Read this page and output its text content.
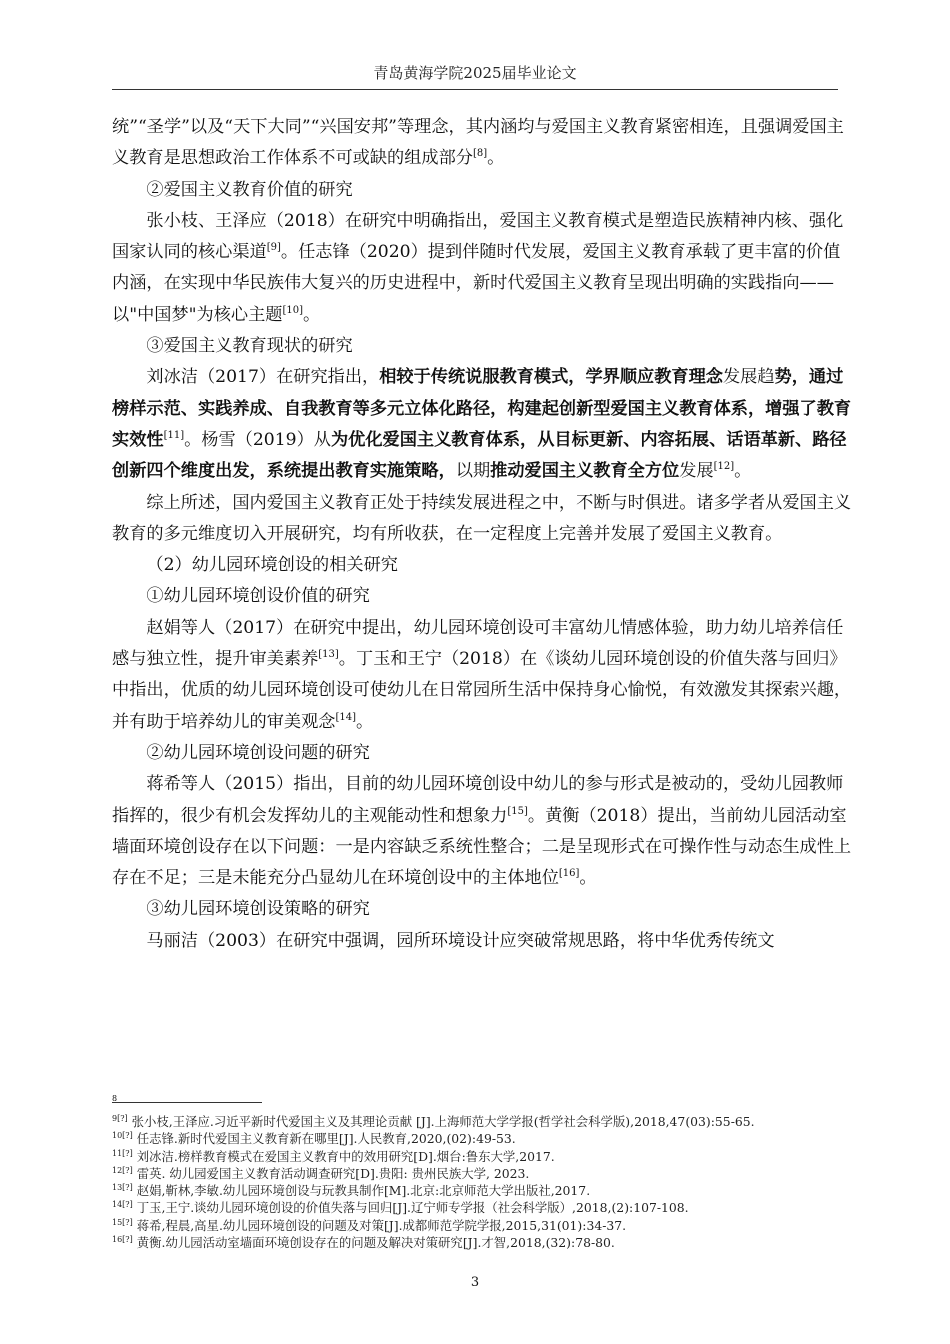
青岛黄海学院2025届毕业论文

统”“圣学”以及“天下大同”“兴国安邦”等理念，其内涵均与爱国主义教育紧密相连，且强调爱国主义教育是思想政治工作体系不可或缺的组成部分[8]。

②爱国主义教育价值的研究

张小枝、王泽应（2018）在研究中明确指出，爱国主义教育模式是塑造民族精神内核、强化国家认同的核心渠道[9]。任志锋（2020）提到伴随时代发展，爱国主义教育承载了更丰富的价值内涵，在实现中华民族伟大复兴的历史进程中，新时代爱国主义教育呈现出明确的实践指向——以"中国梦"为核心主题[10]。

③爱国主义教育现状的研究

刘冰洁（2017）在研究指出，相较于传统说服教育模式，学界顺应教育理念发展趋势，通过榜样示范、实践养成、自我教育等多元立体化路径，构建起创新型爱国主义教育体系，增强了教育实效性[11]。杨雪（2019）从为优化爱国主义教育体系，从目标更新、内容拓展、话语革新、路径创新四个维度出发，系统提出教育实施策略，以期推动爱国主义教育全方位发展[12]。

综上所述，国内爱国主义教育正处于持续发展进程之中，不断与时俱进。诸多学者从爱国主义教育的多元维度切入开展研究，均有所收获，在一定程度上完善并发展了爱国主义教育。

（2）幼儿园环境创设的相关研究

①幼儿园环境创设价值的研究

赵娟等人（2017）在研究中提出，幼儿园环境创设可丰富幼儿情感体验，助力幼儿培养信任感与独立性，提升审美素养[13]。丁玉和王宁（2018）在《谈幼儿园环境创设的价值失落与回归》中指出，优质的幼儿园环境创设可使幼儿在日常园所生活中保持身心愉悦，有效激发其探索兴趣，并有助于培养幼儿的审美观念[14]。

②幼儿园环境创设问题的研究

蒋希等人（2015）指出，目前的幼儿园环境创设中幼儿的参与形式是被动的，受幼儿园教师指挥的，很少有机会发挥幼儿的主观能动性和想象力[15]。黄衡（2018）提出，当前幼儿园活动室墙面环境创设存在以下问题：一是内容缺乏系统性整合；二是呈现形式在可操作性与动态生成性上存在不足；三是未能充分凸显幼儿在环境创设中的主体地位[16]。

③幼儿园环境创设策略的研究

马丽洁（2003）在研究中强调，园所环境设计应突破常规思路，将中华优秀传统文

8

$^{9[?]}$ 张小枝,王泽应.习近平新时代爱国主义及其理论贡献 [J].上海师范大学学报(哲学社会科学版),2018,47(03):55-65.

$^{10[?]}$ 任志锋.新时代爱国主义教育新在哪里[J].人民教育,2020,(02):49-53.

$^{11[?]}$ 刘冰洁.榜样教育模式在爱国主义教育中的效用研究[D].烟台:鲁东大学,2017.

$^{12[?]}$ 雷英. 幼儿园爱国主义教育活动调查研究[D].贵阳: 贵州民族大学, 2023.

$^{13[?]}$ 赵娟,靳林,李敏.幼儿园环境创设与玩教具制作[M].北京:北京师范大学出版社,2017.

$^{14[?]}$ 丁玉,王宁.谈幼儿园环境创设的价值失落与回归[J].辽宁师专学报（社会科学版）,2018,(2):107-108.

$^{15[?]}$ 蒋希,程晨,高星.幼儿园环境创设的问题及对策[J].成都师范学院学报,2015,31(01):34-37.

$^{16[?]}$ 黄衡.幼儿园活动室墙面环境创设存在的问题及解决对策研究[J].才智,2018,(32):78-80.

3
